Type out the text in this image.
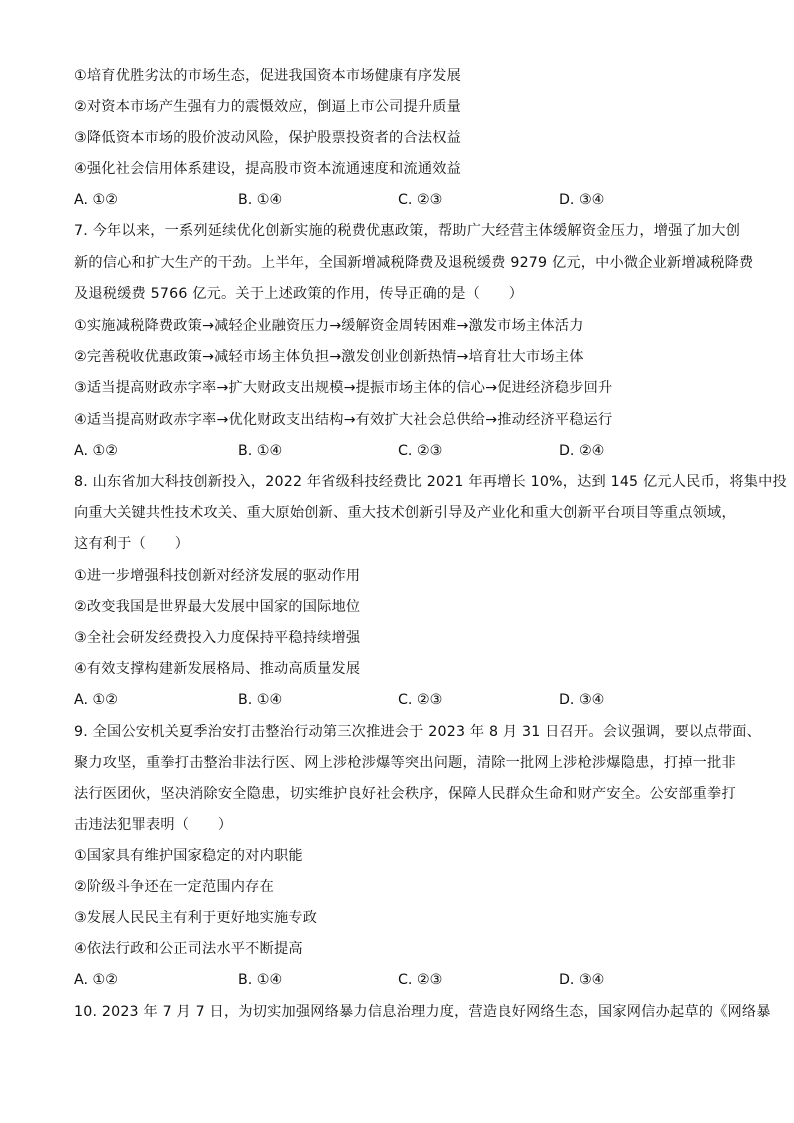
①培育优胜劣汰的市场生态，促进我国资本市场健康有序发展
②对资本市场产生强有力的震慑效应，倒逼上市公司提升质量
③降低资本市场的股价波动风险，保护股票投资者的合法权益
④强化社会信用体系建设，提高股市资本流通速度和流通效益
A. ①②	B. ①④	C. ②③	D. ③④
7. 今年以来，一系列延续优化创新实施的税费优惠政策，帮助广大经营主体缓解资金压力，增强了加大创
新的信心和扩大生产的干劲。上半年，全国新增减税降费及退税缓费 9279 亿元，中小微企业新增减税降费
及退税缓费 5766 亿元。关于上述政策的作用，传导正确的是（　　）
①实施减税降费政策→减轻企业融资压力→缓解资金周转困难→激发市场主体活力
②完善税收优惠政策→减轻市场主体负担→激发创业创新热情→培育壮大市场主体
③适当提高财政赤字率→扩大财政支出规模→提振市场主体的信心→促进经济稳步回升
④适当提高财政赤字率→优化财政支出结构→有效扩大社会总供给→推动经济平稳运行
A. ①②	B. ①④	C. ②③	D. ②④
8. 山东省加大科技创新投入，2022 年省级科技经费比 2021 年再增长 10%，达到 145 亿元人民币，将集中投
向重大关键共性技术攻关、重大原始创新、重大技术创新引导及产业化和重大创新平台项目等重点领域，
这有利于（　　）
①进一步增强科技创新对经济发展的驱动作用
②改变我国是世界最大发展中国家的国际地位
③全社会研发经费投入力度保持平稳持续增强
④有效支撑构建新发展格局、推动高质量发展
A. ①②	B. ①④	C. ②③	D. ③④
9. 全国公安机关夏季治安打击整治行动第三次推进会于 2023 年 8 月 31 日召开。会议强调，要以点带面、
聚力攻坚，重拳打击整治非法行医、网上涉枪涉爆等突出问题，清除一批网上涉枪涉爆隐患，打掉一批非
法行医团伙，坚决消除安全隐患，切实维护良好社会秩序，保障人民群众生命和财产安全。公安部重拳打
击违法犯罪表明（　　）
①国家具有维护国家稳定的对内职能
②阶级斗争还在一定范围内存在
③发展人民民主有利于更好地实施专政
④依法行政和公正司法水平不断提高
A. ①②	B. ①④	C. ②③	D. ③④
10. 2023 年 7 月 7 日，为切实加强网络暴力信息治理力度，营造良好网络生态，国家网信办起草的《网络暴
